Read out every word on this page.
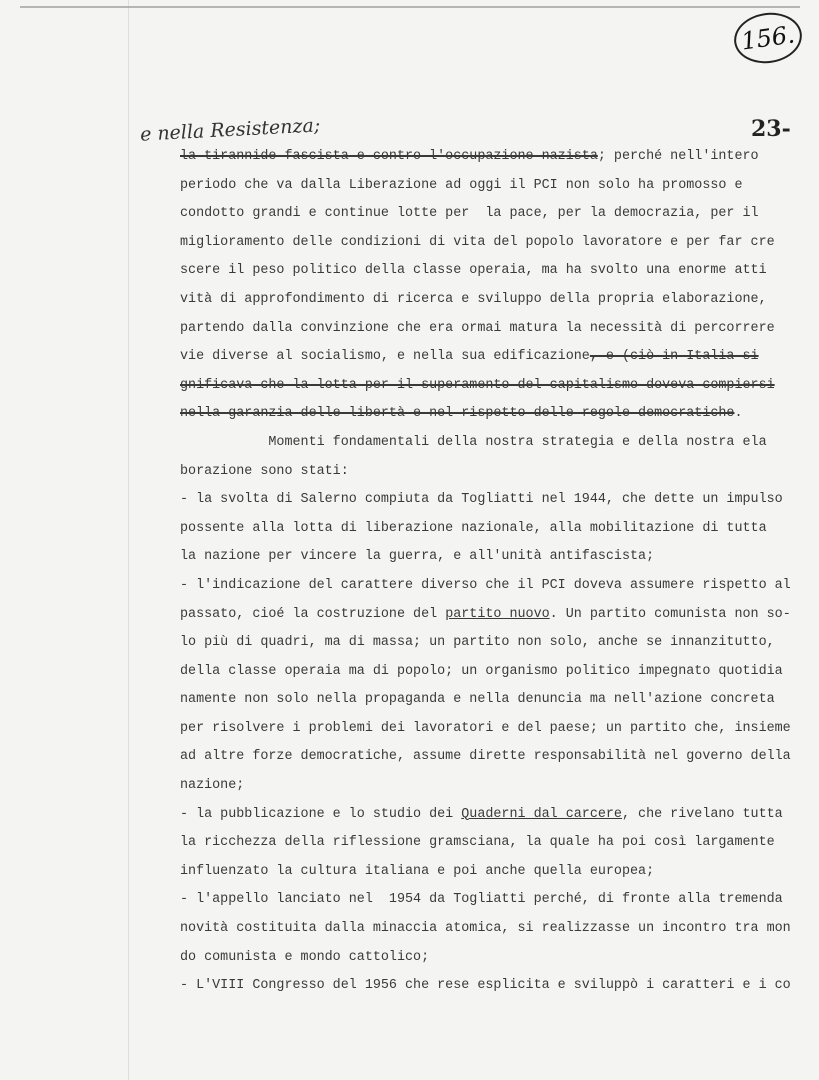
156.
e nella Resistenza;	23-
la tirannide fascista e contro l'occupazione nazista; perché nell'intero
periodo che va dalla Liberazione ad oggi il PCI non solo ha promosso e
condotto grandi e continue lotte per  la pace, per la democrazia, per il
miglioramento delle condizioni di vita del popolo lavoratore e per far cre
scere il peso politico della classe operaia, ma ha svolto una enorme atti
vità di approfondimento di ricerca e sviluppo della propria elaborazione,
partendo dalla convinzione che era ormai matura la necessità di percorrere
vie diverse al socialismo, e nella sua edificazione, e (ciò in Italia si
gnificava che la lotta per il superamento del capitalismo doveva compiersi
nella garanzia delle libertà e nel rispetto delle regole democratiche.
Momenti fondamentali della nostra strategia e della nostra ela
borazione sono stati:
- la svolta di Salerno compiuta da Togliatti nel 1944, che dette un impulso
possente alla lotta di liberazione nazionale, alla mobilitazione di tutta
la nazione per vincere la guerra, e all'unità antifascista;
- l'indicazione del carattere diverso che il PCI doveva assumere rispetto al
passato, cioé la costruzione del partito nuovo. Un partito comunista non so-
lo più di quadri, ma di massa; un partito non solo, anche se innanzitutto,
della classe operaia ma di popolo; un organismo politico impegnato quotidia
namente non solo nella propaganda e nella denuncia ma nell'azione concreta
per risolvere i problemi dei lavoratori e del paese; un partito che, insieme
ad altre forze democratiche, assume dirette responsabilità nel governo della
nazione;
- la pubblicazione e lo studio dei Quaderni dal carcere, che rivelano tutta
la ricchezza della riflessione gramsciana, la quale ha poi così largamente
influenzato la cultura italiana e poi anche quella europea;
- l'appello lanciato nel  1954 da Togliatti perché, di fronte alla tremenda
novità costituita dalla minaccia atomica, si realizzasse un incontro tra mon
do comunista e mondo cattolico;
- L'VIII Congresso del 1956 che rese esplicita e sviluppò i caratteri e i co
